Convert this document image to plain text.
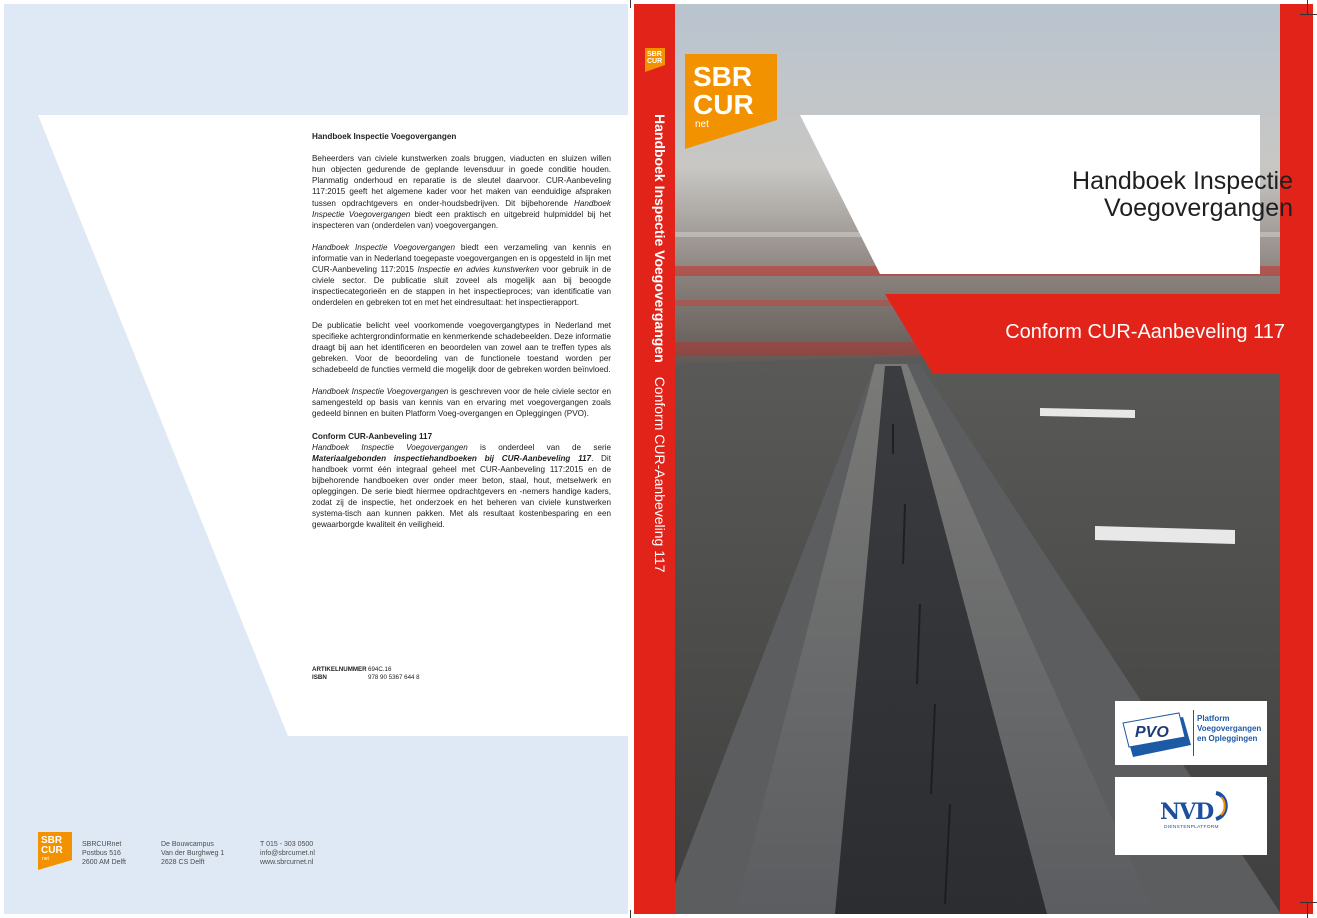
Handboek Inspectie Voegovergangen

Beheerders van civiele kunstwerken zoals bruggen, viaducten en sluizen willen hun objecten gedurende de geplande levensduur in goede conditie houden. Planmatig onderhoud en reparatie is de sleutel daarvoor. CUR-Aanbeveling 117:2015 geeft het algemene kader voor het maken van eenduidige afspraken tussen opdrachtgevers en onder-houdsbedrijven. Dit bijbehorende Handboek Inspectie Voegovergangen biedt een praktisch en uitgebreid hulpmiddel bij het inspecteren van (onderdelen van) voegovergangen.

Handboek Inspectie Voegovergangen biedt een verzameling van kennis en informatie van in Nederland toegepaste voegovergangen en is opgesteld in lijn met CUR-Aanbeveling 117:2015 Inspectie en advies kunstwerken voor gebruik in de civiele sector. De publicatie sluit zoveel als mogelijk aan bij beoogde inspectiecategorieën en de stappen in het inspectieproces; van identificatie van onderdelen en gebreken tot en met het eindresultaat: het inspectierapport.

De publicatie belicht veel voorkomende voegovergangtypes in Nederland met specifieke achtergrondinformatie en kenmerkende schadebeelden. Deze informatie draagt bij aan het identificeren en beoordelen van zowel aan te treffen types als gebreken. Voor de beoordeling van de functionele toestand worden per schadebeeld de functies vermeld die mogelijk door de gebreken worden beïnvloed.

Handboek Inspectie Voegovergangen is geschreven voor de hele civiele sector en samengesteld op basis van kennis van en ervaring met voegovergangen zoals gedeeld binnen en buiten Platform Voeg-overgangen en Opleggingen (PVO).

Conform CUR-Aanbeveling 117

Handboek Inspectie Voegovergangen is onderdeel van de serie Materiaalgebonden inspectiehandboeken bij CUR-Aanbeveling 117. Dit handboek vormt één integraal geheel met CUR-Aanbeveling 117:2015 en de bijbehorende handboeken over onder meer beton, staal, hout, metselwerk en opleggingen. De serie biedt hiermee opdrachtgevers en -nemers handige kaders, zodat zij de inspectie, het onderzoek en het beheren van civiele kunstwerken systema-tisch aan kunnen pakken. Met als resultaat kostenbesparing en een gewaarborgde kwaliteit én veiligheid.

ARTIKELNUMMER 694C.16
ISBN	978 90 5367 644 8
SBR
CUR
net
SBRCURnet
Postbus 516
2600 AM Delft
De Bouwcampus
Van der Burghweg 1
2628 CS Delft
T 015 - 303 0500
info@sbrcurnet.nl
www.sbrcurnet.nl
SBR
CUR
Handboek Inspectie VoegovergangenConform CUR-Aanbeveling 117
SBR
CUR
net
Handboek Inspectie
Voegovergangen
Conform CUR-Aanbeveling 117
PVO
Platform
Voegovergangen
en Opleggingen
NVD
DIENSTENPLATFORM
